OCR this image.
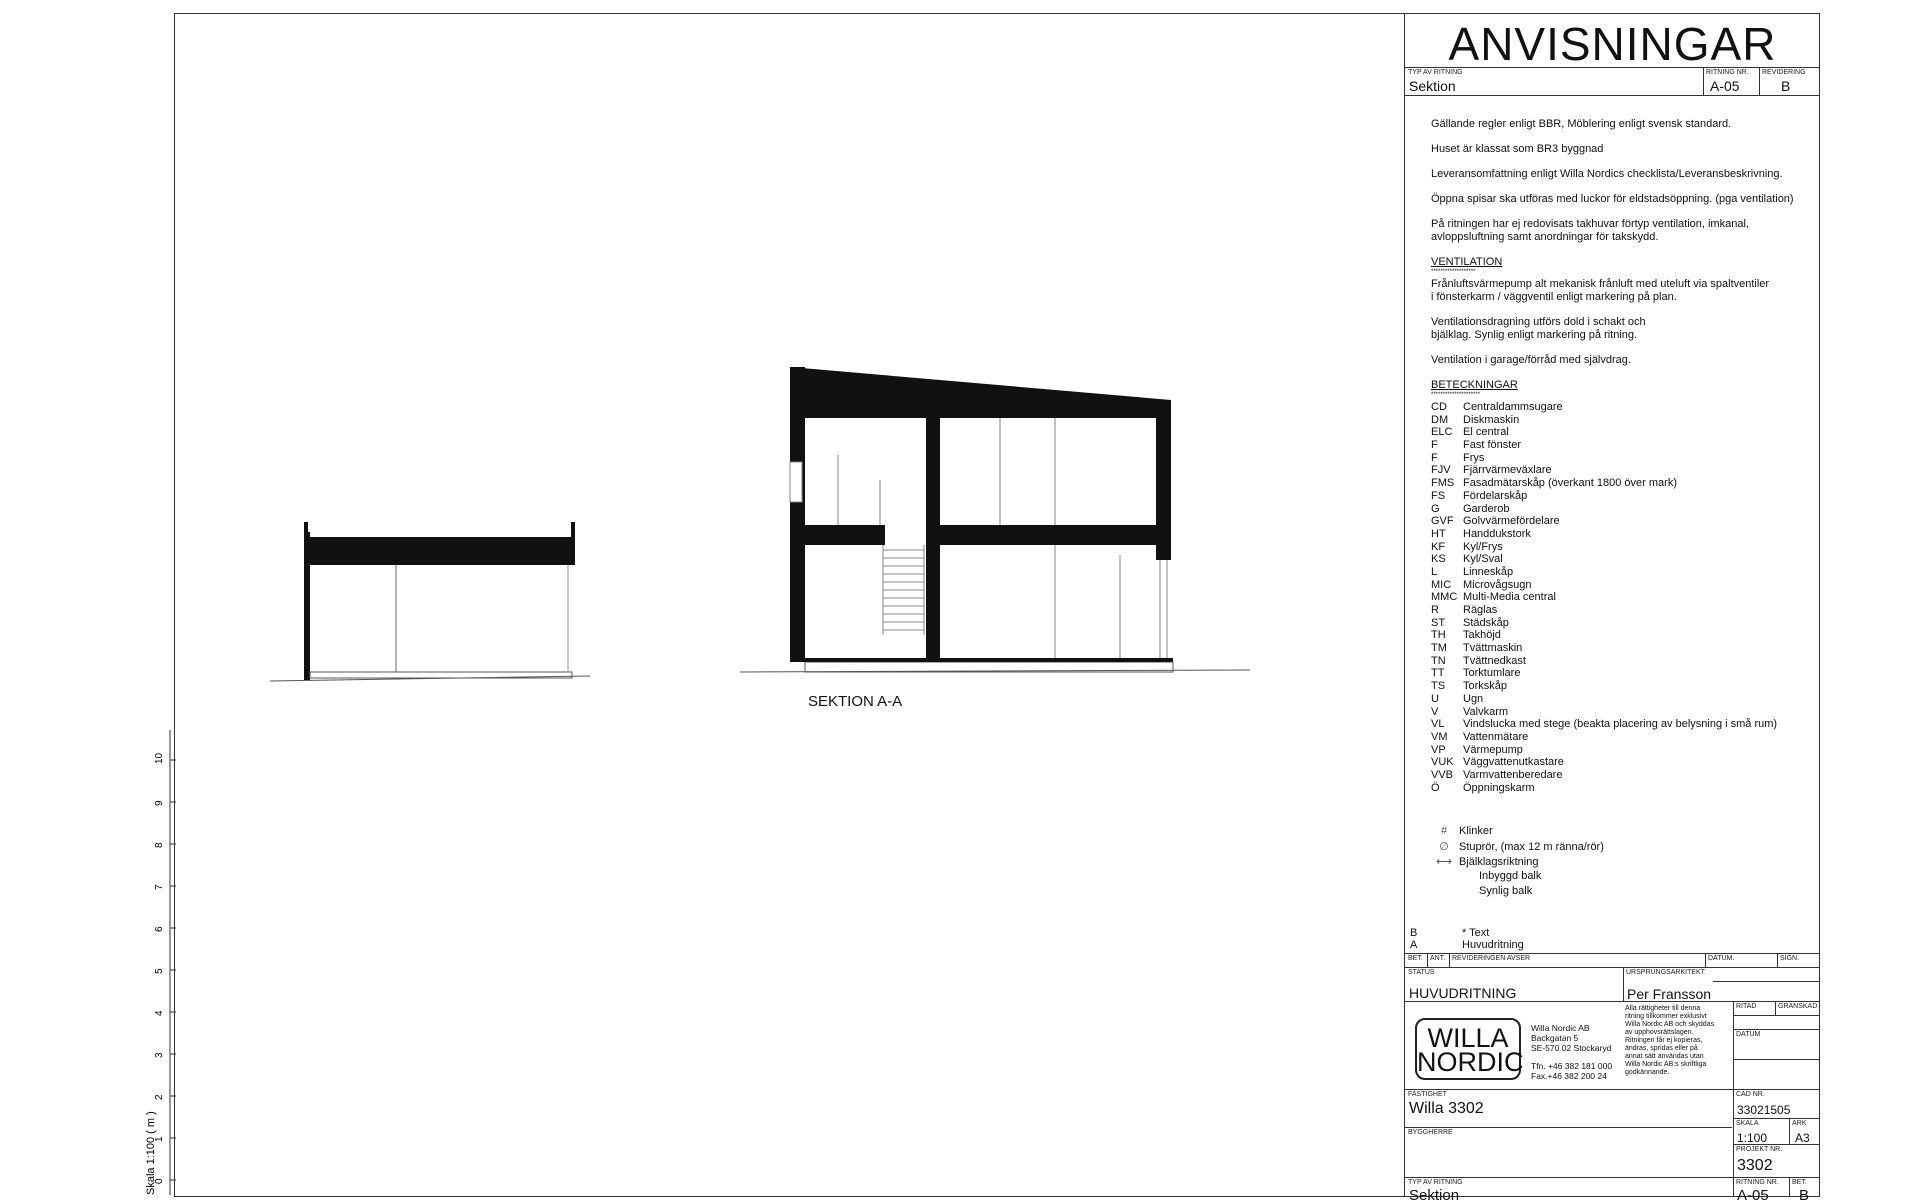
0
1
2
3
4
5
6
7
8
9
10
Skala 1:100 ( m )
SEKTION A-A
ANVISNINGAR
TYP AV RITNING
Sektion
RITNING NR.
A-05
REVIDERING
B

Gällande regler enligt BBR, Möblering enligt svensk standard.

Huset är klassat som BR3 byggnad

Leveransomfattning enligt Willa Nordics checklista/Leveransbeskrivning.

Öppna spisar ska utföras med luckor för eldstadsöppning. (pga ventilation)

På ritningen har ej redovisats takhuvar förtyp ventilation, imkanal, avloppsluftning samt anordningar för takskydd.

VENTILATION
*******************

Frånluftsvärmepump alt mekanisk frånluft med uteluft via spaltventiler i fönsterkarm / väggventil enligt markering på plan.

Ventilationsdragning utförs dold i schakt och bjälklag. Synlig enligt markering på ritning.

Ventilation i garage/förråd med självdrag.

BETECKNINGAR
*********************
CD Centraldammsugare
DM Diskmaskin
ELC El central
F Fast fönster
F Frys
FJV Fjärrvärmeväxlare
FMS Fasadmätarskåp (överkant 1800 över mark)
FS Fördelarskåp
G Garderob
GVF Golvvärmefördelare
HT Handdukstork
KF Kyl/Frys
KS Kyl/Sval
L Linneskåp
MIC Microvågsugn
MMC Multi-Media central
R Räglas
ST Städskåp
TH Takhöjd
TM Tvättmaskin
TN Tvättnedkast
TT Torktumlare
TS Torkskåp
U Ugn
V Valvkarm
VL Vindslucka med stege (beakta placering av belysning i små rum)
VM Vattenmätare
VP Värmepump
VUK Väggvattenutkastare
VVB Varmvattenberedare
Ö Öppningskarm
# Klinker
∅ Stuprör, (max 12 m ränna/rör)
⟷ Bjälklagsriktning
Inbyggd balk
Synlig balk
B	* Text
A	Huvudritning
BET. ANT. REVIDERINGEN AVSER	DATUM.	SIGN.
STATUS
HUVUDRITNING
URSPRUNGSARKITEKT
Per Fransson
WILLA
NORDIC
Willa Nordic AB
Backgatan 5
SE-570 02 Stockaryd
Tfn. +46 382 181 000
Fax.+46 382 200 24
Alla rättigheter till denna ritning tillkommer exklusivt Willa Nordic AB och skyddas av upphovsrättslagen. Ritningen får ej kopieras, ändras, spridas eller på annat sätt användas utan Willa Nordic AB:s skriftliga godkännande.
RITAD	GRANSKAD
DATUM
FASTIGHET
Willa 3302
CAD NR.
33021505
BYGGHERRE
SKALA
1:100
ARK
A3
PROJEKT NR.
3302
TYP AV RITNING
Sektion
RITNING NR.
A-05
BET.
B
